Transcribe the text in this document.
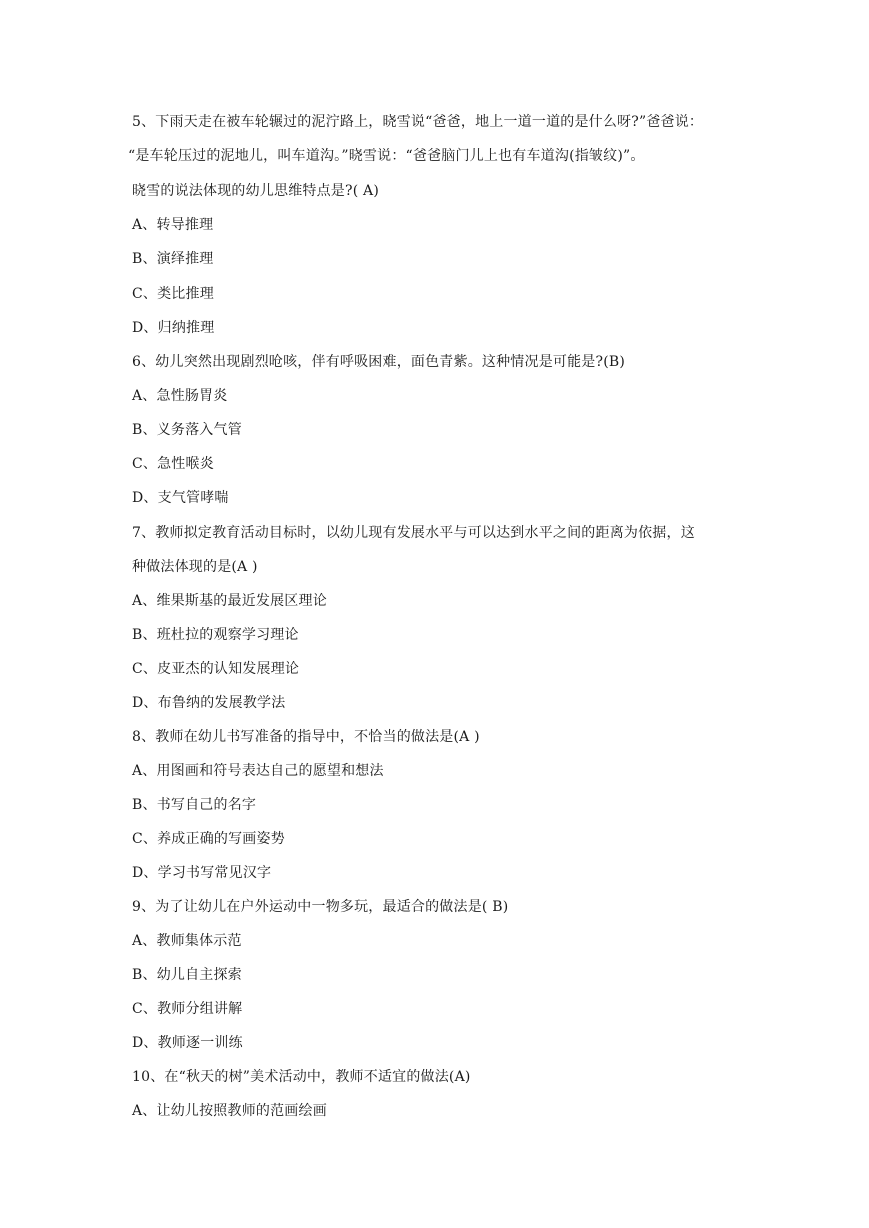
5、下雨天走在被车轮辗过的泥泞路上，晓雪说“爸爸，地上一道一道的是什么呀?”爸爸说：
“是车轮压过的泥地儿，叫车道沟。”晓雪说：“爸爸脑门儿上也有车道沟(指皱纹)”。
晓雪的说法体现的幼儿思维特点是?( A)
A、转导推理
B、演绎推理
C、类比推理
D、归纳推理
6、幼儿突然出现剧烈呛咳，伴有呼吸困难，面色青紫。这种情况是可能是?(B)
A、急性肠胃炎
B、义务落入气管
C、急性喉炎
D、支气管哮喘
7、教师拟定教育活动目标时，以幼儿现有发展水平与可以达到水平之间的距离为依据，这
种做法体现的是(A )
A、维果斯基的最近发展区理论
B、班杜拉的观察学习理论
C、皮亚杰的认知发展理论
D、布鲁纳的发展教学法
8、教师在幼儿书写准备的指导中，不恰当的做法是(A )
A、用图画和符号表达自己的愿望和想法
B、书写自己的名字
C、养成正确的写画姿势
D、学习书写常见汉字
9、为了让幼儿在户外运动中一物多玩，最适合的做法是( B)
A、教师集体示范
B、幼儿自主探索
C、教师分组讲解
D、教师逐一训练
10、在“秋天的树”美术活动中，教师不适宜的做法(A)
A、让幼儿按照教师的范画绘画
